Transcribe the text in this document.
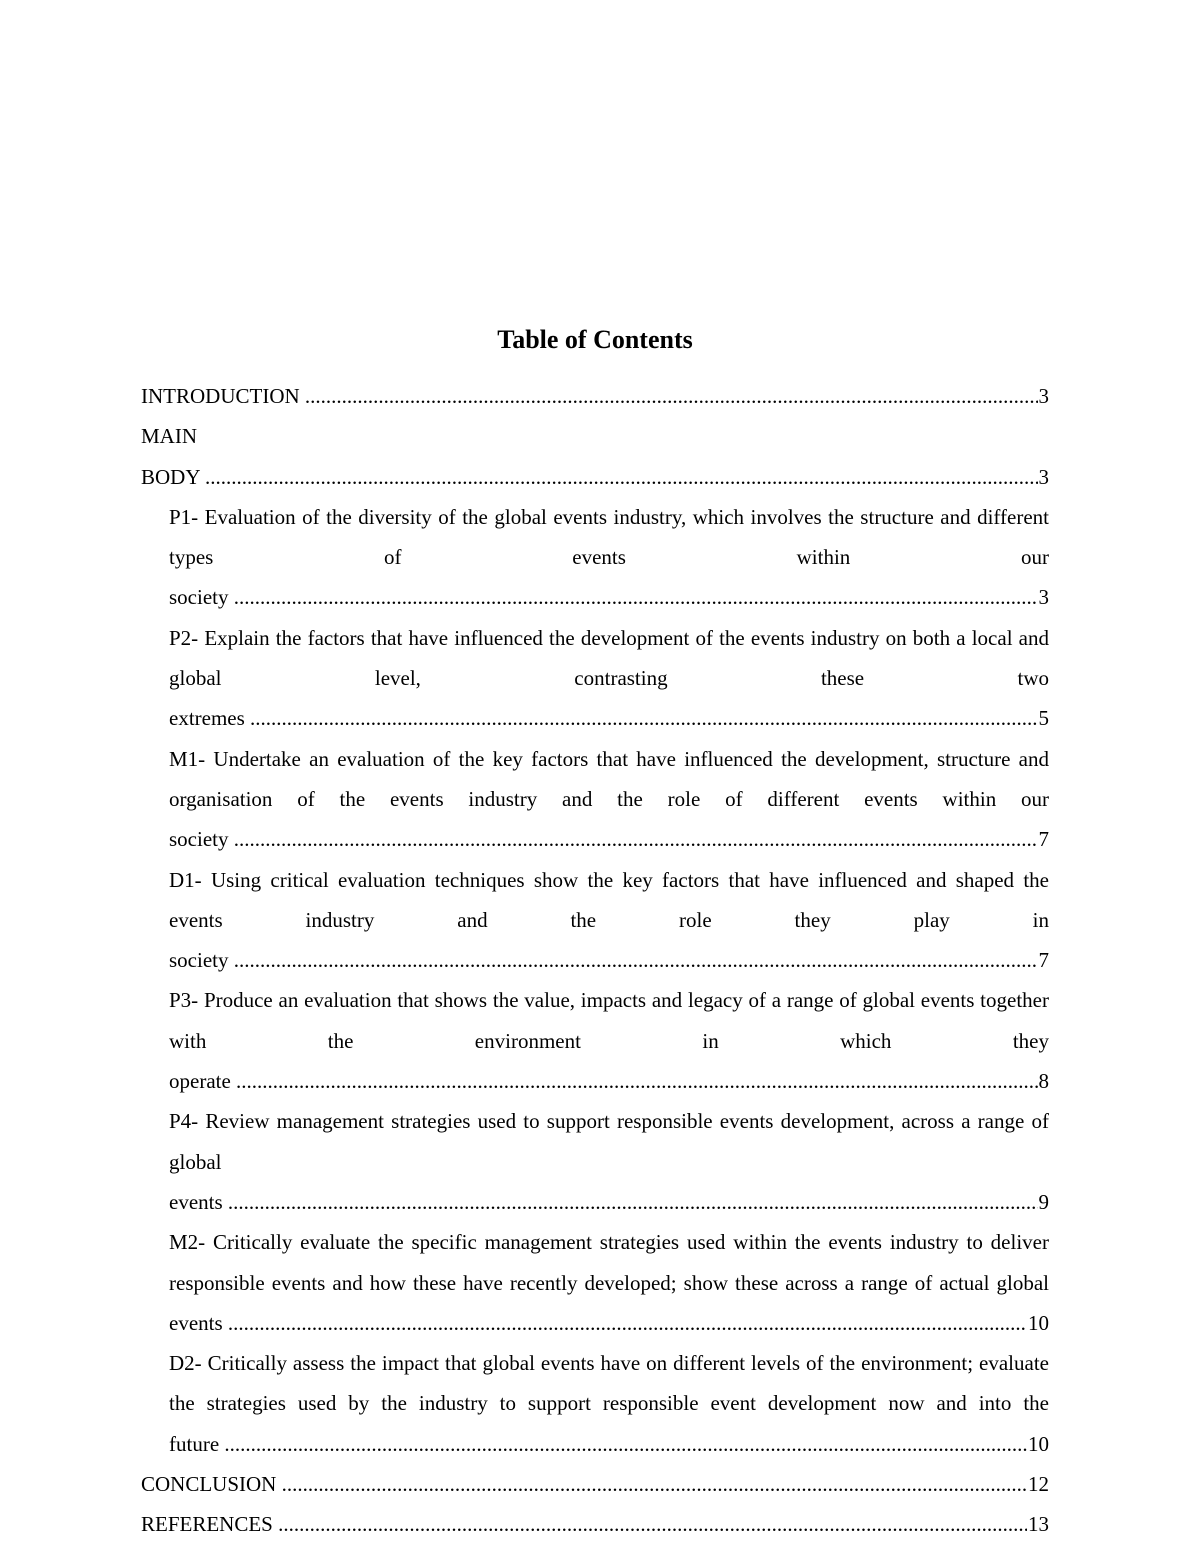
Table of Contents
INTRODUCTION .....	3
MAIN BODY .....	3
P1- Evaluation of the diversity of the global events industry, which involves the structure and different types of events within our society .....	3
P2- Explain the factors that have influenced the development of the events industry on both a local and global level, contrasting these two extremes .....	5
M1- Undertake an evaluation of the key factors that have influenced the development, structure and organisation of the events industry and the role of different events within our society .....	7
D1- Using critical evaluation techniques show the key factors that have influenced and shaped the events industry and the role they play in society .....	7
P3- Produce an evaluation that shows the value, impacts and legacy of a range of global events together with the environment in which they operate .....	8
P4- Review management strategies used to support responsible events development, across a range of global events .....	9
M2- Critically evaluate the specific management strategies used within the events industry to deliver responsible events and how these have recently developed; show these across a range of actual global events .....	10
D2- Critically assess the impact that global events have on different levels of the environment; evaluate the strategies used by the industry to support responsible event development now and into the future .....	10
CONCLUSION .....	12
REFERENCES .....	13
